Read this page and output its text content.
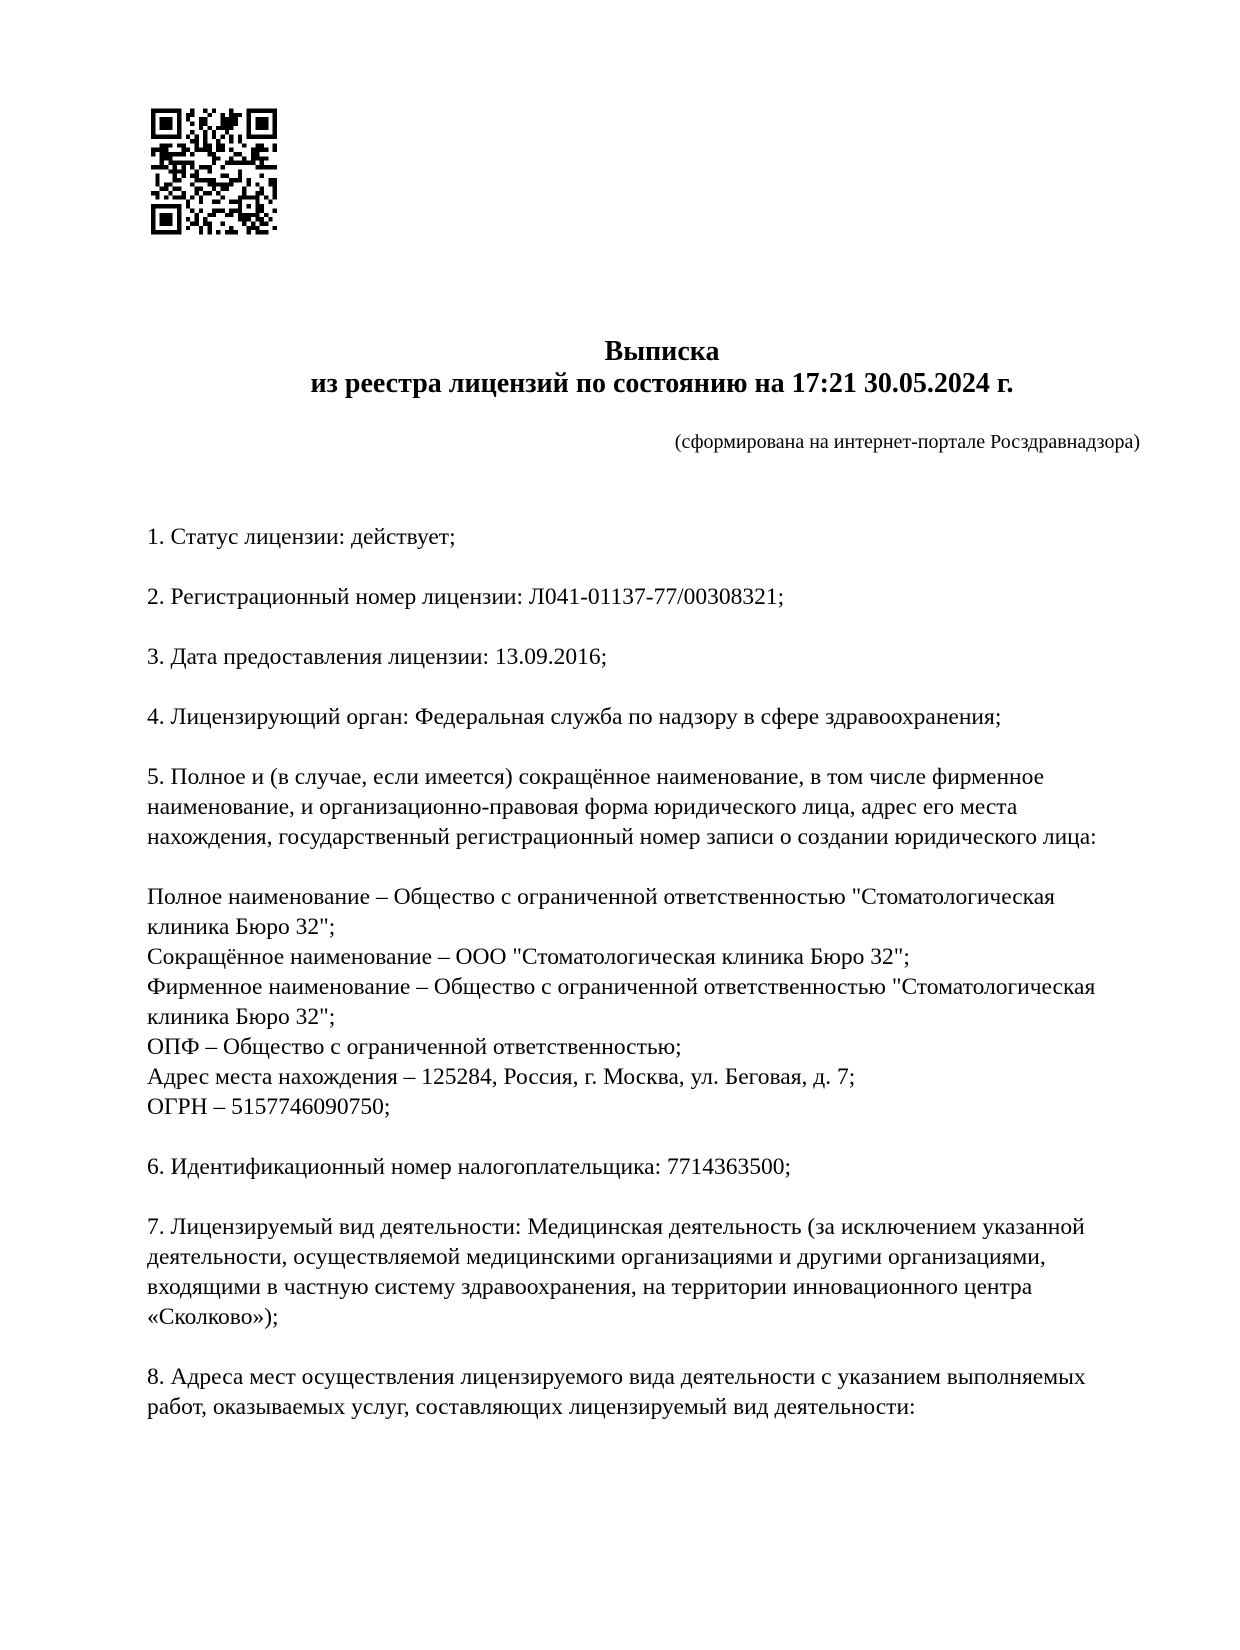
Выписка
из реестра лицензий по состоянию на 17:21 30.05.2024 г.
(сформирована на интернет-портале Росздравнадзора)
1. Статус лицензии: действует;
2. Регистрационный номер лицензии: Л041-01137-77/00308321;
3. Дата предоставления лицензии: 13.09.2016;
4. Лицензирующий орган: Федеральная служба по надзору в сфере здравоохранения;
5. Полное и (в случае, если имеется) сокращённое наименование, в том числе фирменное
наименование, и организационно-правовая форма юридического лица, адрес его места
нахождения, государственный регистрационный номер записи о создании юридического лица:
Полное наименование – Общество с ограниченной ответственностью "Стоматологическая
клиника Бюро 32";
Сокращённое наименование – ООО "Стоматологическая клиника Бюро 32";
Фирменное наименование – Общество с ограниченной ответственностью "Стоматологическая
клиника Бюро 32";
ОПФ – Общество с ограниченной ответственностью;
Адрес места нахождения – 125284, Россия, г. Москва, ул. Беговая, д. 7;
ОГРН – 5157746090750;
6. Идентификационный номер налогоплательщика: 7714363500;
7. Лицензируемый вид деятельности: Медицинская деятельность (за исключением указанной
деятельности, осуществляемой медицинскими организациями и другими организациями,
входящими в частную систему здравоохранения, на территории инновационного центра
«Сколково»);
8. Адреса мест осуществления лицензируемого вида деятельности с указанием выполняемых
работ, оказываемых услуг, составляющих лицензируемый вид деятельности:
